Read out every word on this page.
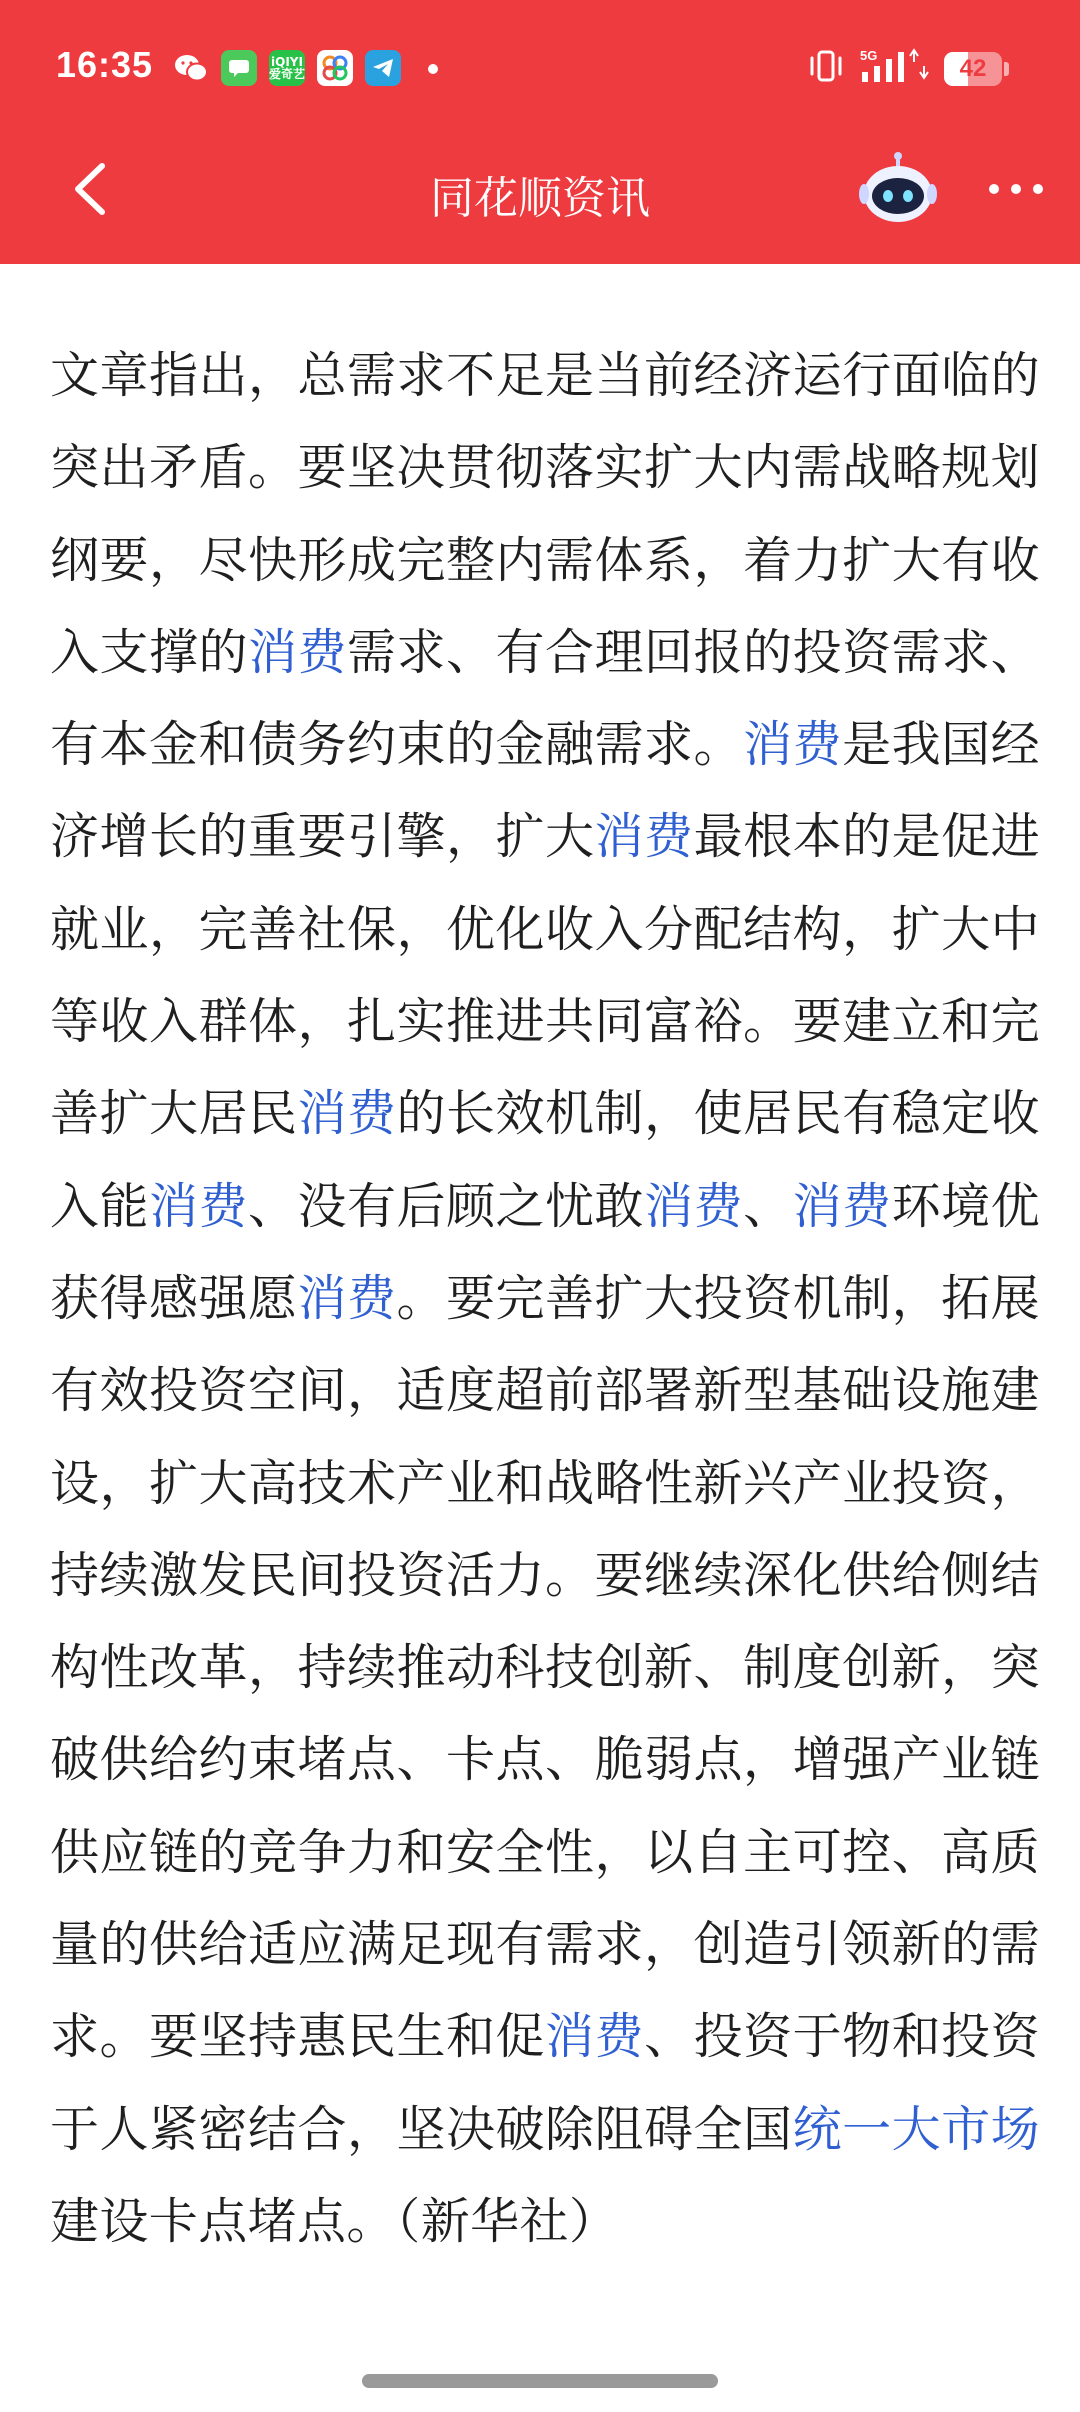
16:35	iQIYI 爱奇艺
5G	42
同花顺资讯
文章指出，总需求不足是当前经济运行面临的突出矛盾。要坚决贯彻落实扩大内需战略规划纲要，尽快形成完整内需体系，着力扩大有收入支撑的消费需求、有合理回报的投资需求、有本金和债务约束的金融需求。消费是我国经济增长的重要引擎，扩大消费最根本的是促进就业，完善社保，优化收入分配结构，扩大中等收入群体，扎实推进共同富裕。要建立和完善扩大居民消费的长效机制，使居民有稳定收入能消费、没有后顾之忧敢消费、消费环境优获得感强愿消费。要完善扩大投资机制，拓展有效投资空间，适度超前部署新型基础设施建设，扩大高技术产业和战略性新兴产业投资，持续激发民间投资活力。要继续深化供给侧结构性改革，持续推动科技创新、制度创新，突破供给约束堵点、卡点、脆弱点，增强产业链供应链的竞争力和安全性，以自主可控、高质量的供给适应满足现有需求，创造引领新的需求。要坚持惠民生和促消费、投资于物和投资于人紧密结合，坚决破除阻碍全国统一大市场建设卡点堵点。（新华社）
